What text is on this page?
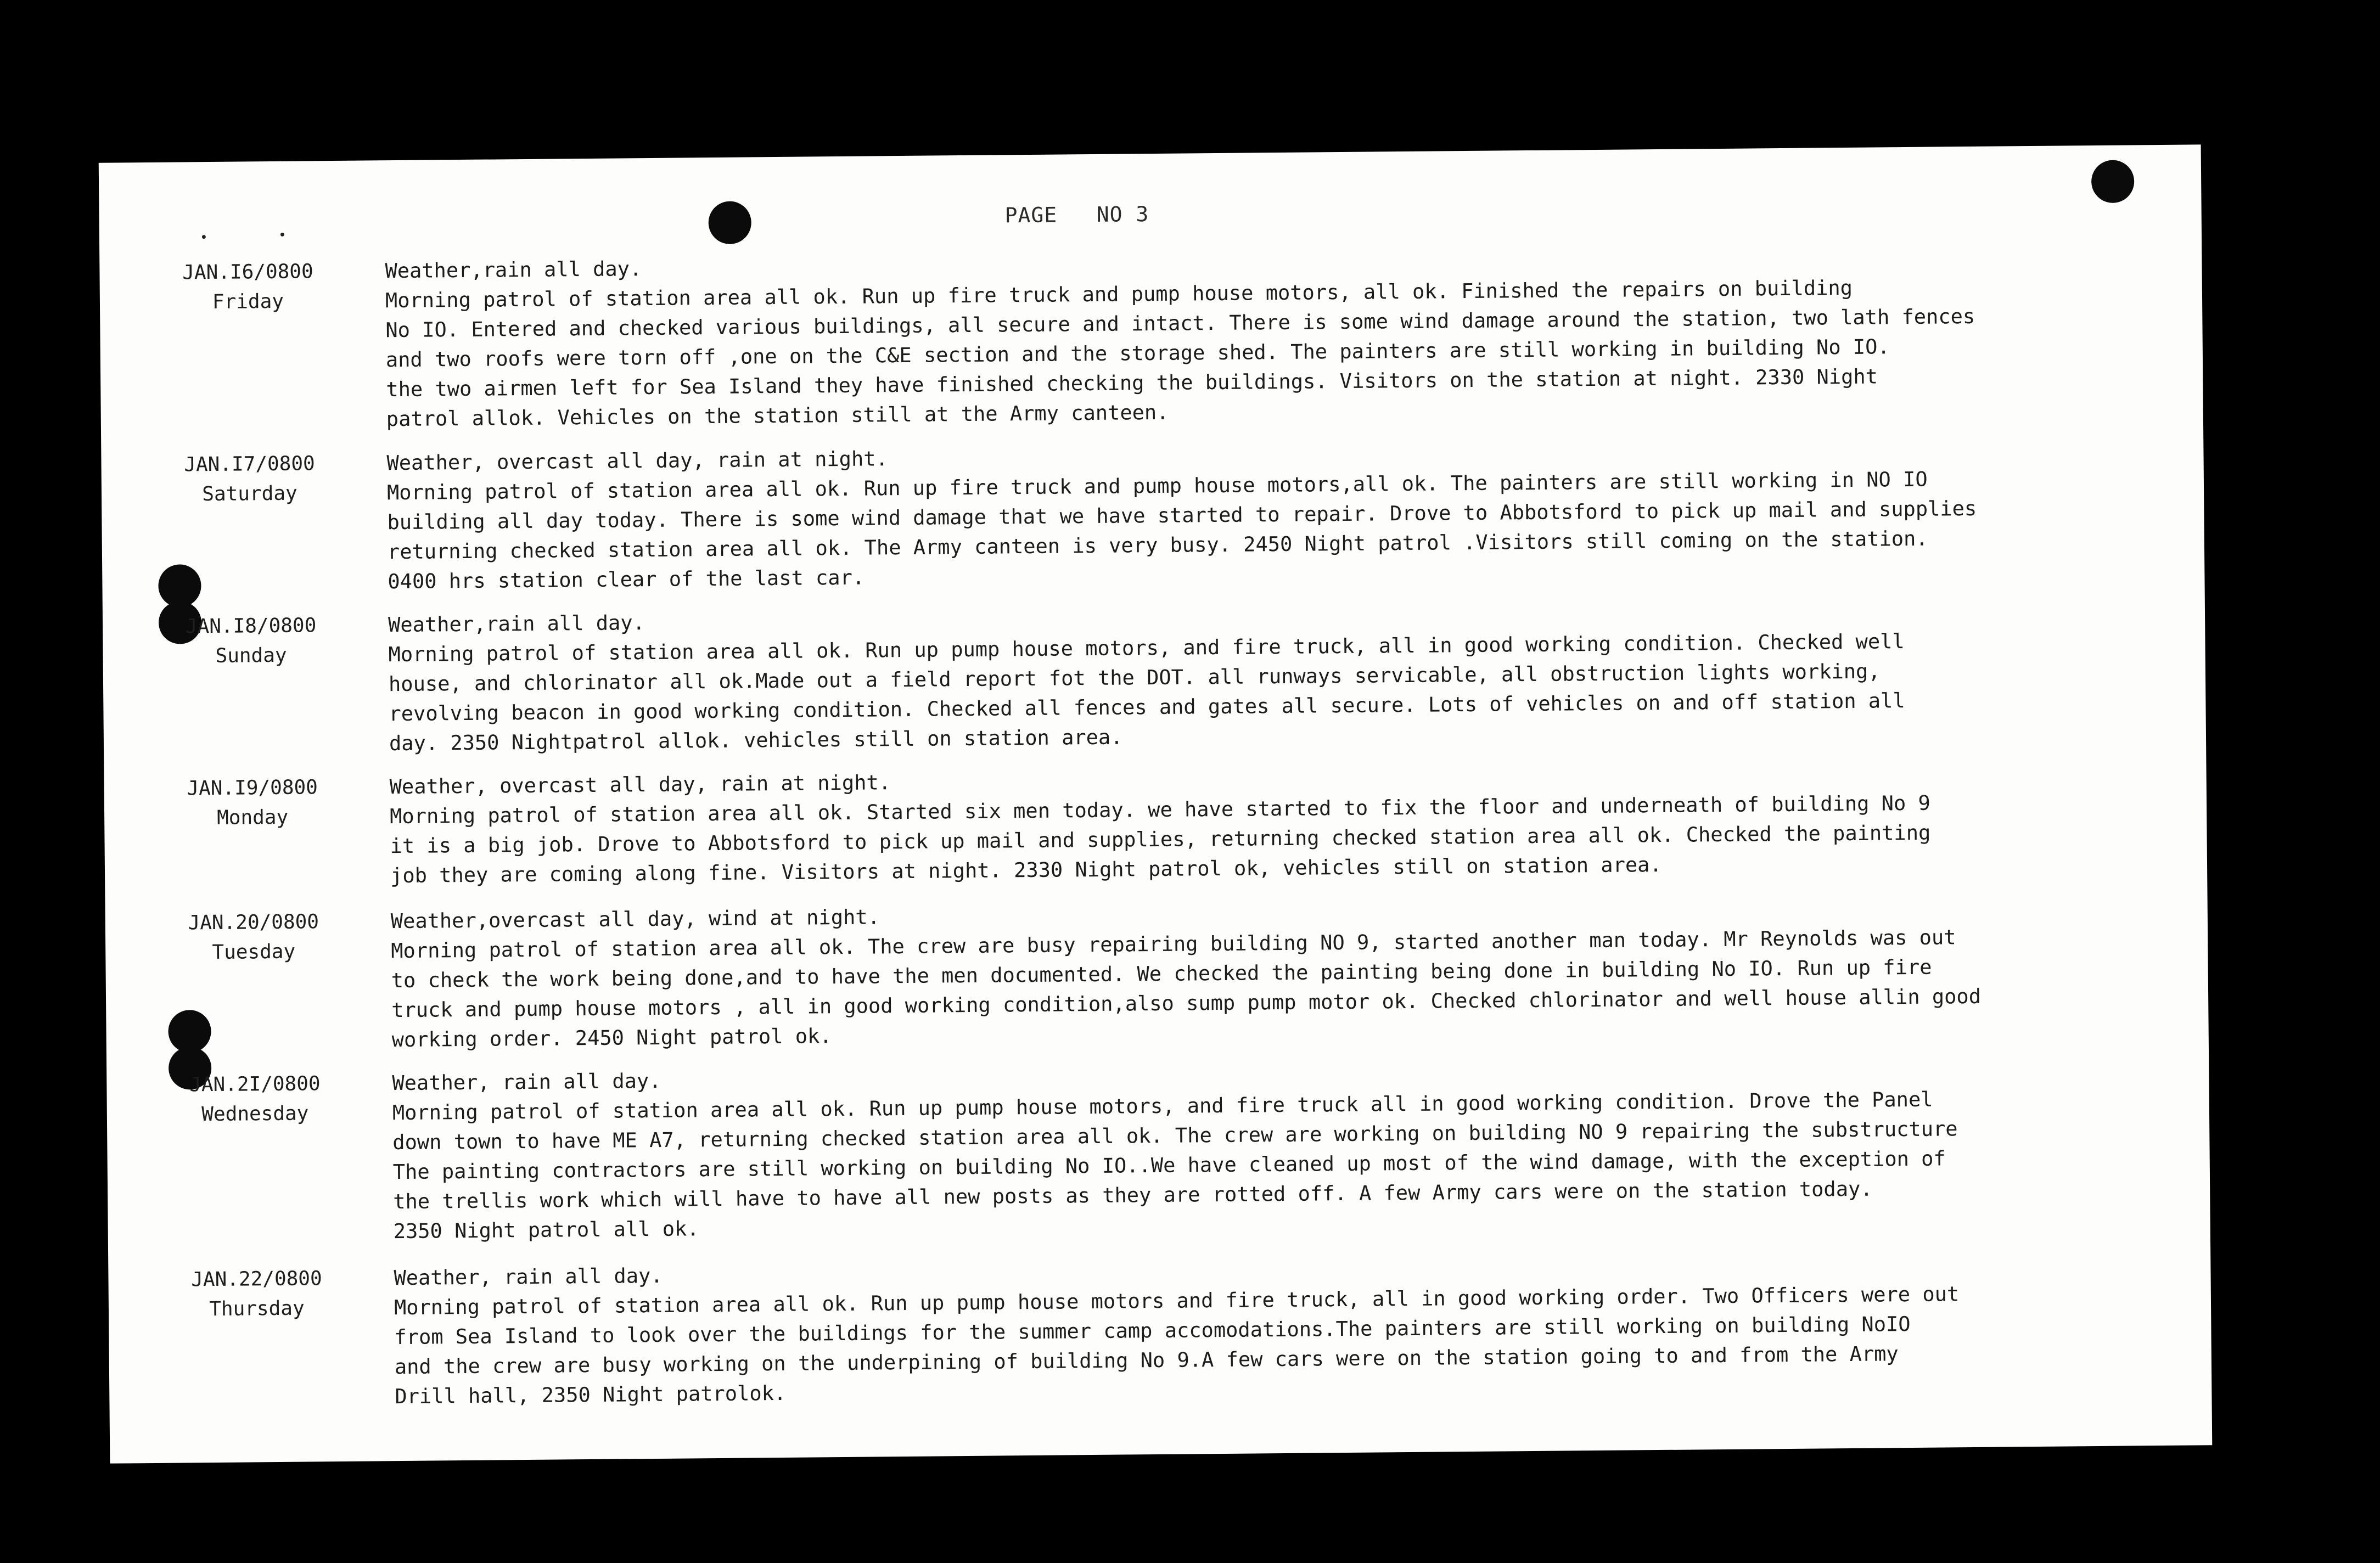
PAGE   NO 3
JAN.I6/0800
Friday
Weather,rain all day.
Morning patrol of station area all ok. Run up fire truck and pump house motors, all ok. Finished the repairs on building
No IO. Entered and checked various buildings, all secure and intact. There is some wind damage around the station, two lath fences
and two roofs were torn off ,one on the C&E section and the storage shed. The painters are still working in building No IO.
the two airmen left for Sea Island they have finished checking the buildings. Visitors on the station at night. 2330 Night
patrol allok. Vehicles on the station still at the Army canteen.
JAN.I7/0800
Saturday
Weather, overcast all day, rain at night.
Morning patrol of station area all ok. Run up fire truck and pump house motors,all ok. The painters are still working in NO IO
building all day today. There is some wind damage that we have started to repair. Drove to Abbotsford to pick up mail and supplies
returning checked station area all ok. The Army canteen is very busy. 2450 Night patrol .Visitors still coming on the station.
0400 hrs station clear of the last car.
JAN.I8/0800
Sunday
Weather,rain all day.
Morning patrol of station area all ok. Run up pump house motors, and fire truck, all in good working condition. Checked well
house, and chlorinator all ok.Made out a field report fot the DOT. all runways servicable, all obstruction lights working,
revolving beacon in good working condition. Checked all fences and gates all secure. Lots of vehicles on and off station all
day. 2350 Nightpatrol allok. vehicles still on station area.
JAN.I9/0800
Monday
Weather, overcast all day, rain at night.
Morning patrol of station area all ok. Started six men today. we have started to fix the floor and underneath of building No 9
it is a big job. Drove to Abbotsford to pick up mail and supplies, returning checked station area all ok. Checked the painting
job they are coming along fine. Visitors at night. 2330 Night patrol ok, vehicles still on station area.
JAN.20/0800
Tuesday
Weather,overcast all day, wind at night.
Morning patrol of station area all ok. The crew are busy repairing building NO 9, started another man today. Mr Reynolds was out
to check the work being done,and to have the men documented. We checked the painting being done in building No IO. Run up fire
truck and pump house motors , all in good working condition,also sump pump motor ok. Checked chlorinator and well house allin good
working order. 2450 Night patrol ok.
JAN.2I/0800
Wednesday
Weather, rain all day.
Morning patrol of station area all ok. Run up pump house motors, and fire truck all in good working condition. Drove the Panel
down town to have ME A7, returning checked station area all ok. The crew are working on building NO 9 repairing the substructure
The painting contractors are still working on building No IO..We have cleaned up most of the wind damage, with the exception of
the trellis work which will have to have all new posts as they are rotted off. A few Army cars were on the station today.
2350 Night patrol all ok.
JAN.22/0800
Thursday
Weather, rain all day.
Morning patrol of station area all ok. Run up pump house motors and fire truck, all in good working order. Two Officers were out
from Sea Island to look over the buildings for the summer camp accomodations.The painters are still working on building NoIO
and the crew are busy working on the underpining of building No 9.A few cars were on the station going to and from the Army
Drill hall, 2350 Night patrolok.
